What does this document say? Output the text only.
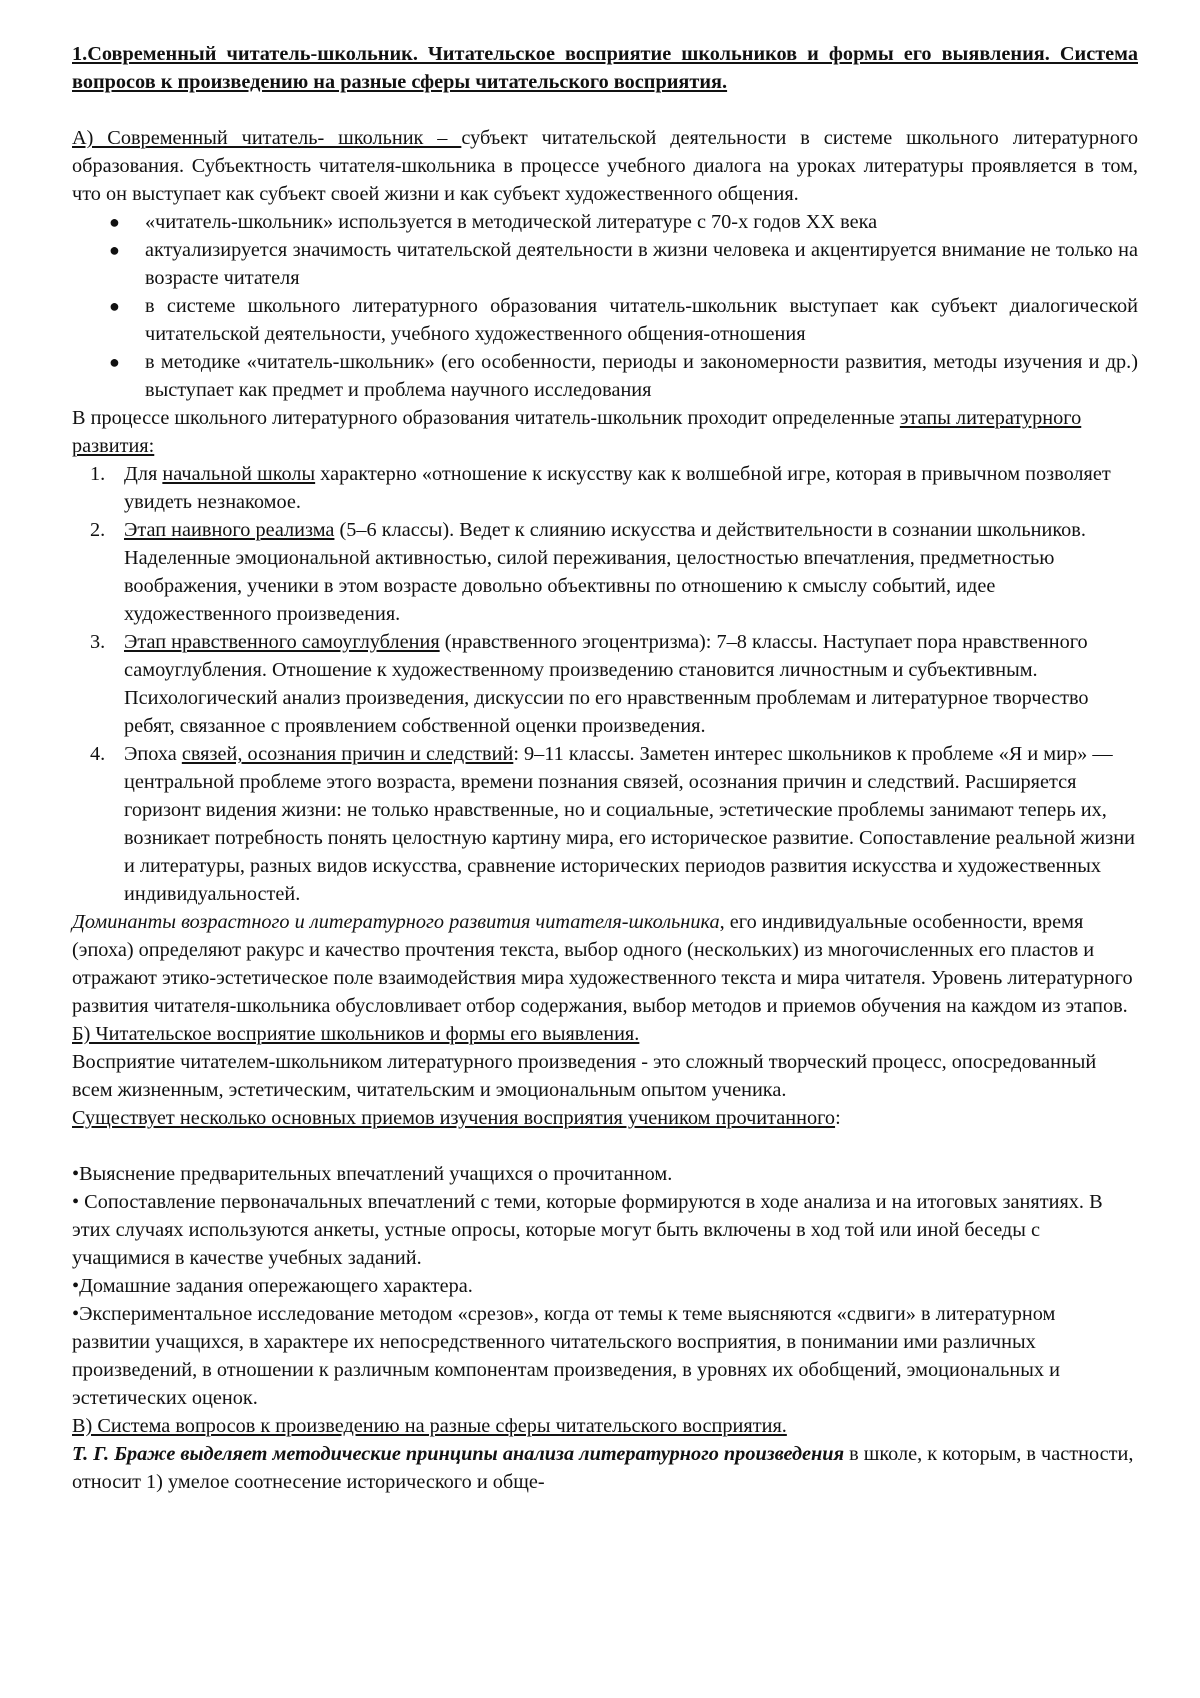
1.Современный читатель-школьник. Читательское восприятие школьников и формы его выявления. Система вопросов к произведению на разные сферы читательского восприятия.

А) Современный читатель- школьник – субъект читательской деятельности в системе школьного литературного образования. Субъектность читателя-школьника в процессе учебного диалога на уроках литературы проявляется в том, что он выступает как субъект своей жизни и как субъект художественного общения.

● «читатель-школьник» используется в методической литературе с 70-х годов ХХ века
● актуализируется значимость читательской деятельности в жизни человека и акцентируется внимание не только на возрасте читателя
● в системе школьного литературного образования читатель-школьник выступает как субъект диалогической читательской деятельности, учебного художественного общения-отношения
● в методике «читатель-школьник» (его особенности, периоды и закономерности развития, методы изучения и др.) выступает как предмет и проблема научного исследования

В процессе школьного литературного образования читатель-школьник проходит определенные этапы литературного развития:

1. Для начальной школы характерно «отношение к искусству как к волшебной игре, которая в привычном позволяет увидеть незнакомое.
2. Этап наивного реализма (5–6 классы). Ведет к слиянию искусства и действительности в сознании школьников. Наделенные эмоциональной активностью, силой переживания, целостностью впечатления, предметностью воображения, ученики в этом возрасте довольно объективны по отношению к смыслу событий, идее художественного произведения.
3. Этап нравственного самоуглубления (нравственного эгоцентризма): 7–8 классы. Наступает пора нравственного самоуглубления. Отношение к художественному произведению становится личностным и субъективным. Психологический анализ произведения, дискуссии по его нравственным проблемам и литературное творчество ребят, связанное с проявлением собственной оценки произведения.
4. Эпоха связей, осознания причин и следствий: 9–11 классы. Заметен интерес школьников к проблеме «Я и мир» — центральной проблеме этого возраста, времени познания связей, осознания причин и следствий. Расширяется горизонт видения жизни: не только нравственные, но и социальные, эстетические проблемы занимают теперь их, возникает потребность понять целостную картину мира, его историческое развитие. Сопоставление реальной жизни и литературы, разных видов искусства, сравнение исторических периодов развития искусства и художественных индивидуальностей.

Доминанты возрастного и литературного развития читателя-школьника, его индивидуальные особенности, время (эпоха) определяют ракурс и качество прочтения текста, выбор одного (нескольких) из многочисленных его пластов и отражают этико-эстетическое поле взаимодействия мира художественного текста и мира читателя. Уровень литературного развития читателя-школьника обусловливает отбор содержания, выбор методов и приемов обучения на каждом из этапов.

Б) Читательское восприятие школьников и формы его выявления.

Восприятие читателем-школьником литературного произведения - это сложный творческий процесс, опосредованный всем жизненным, эстетическим, читательским и эмоциональным опытом ученика.

Существует несколько основных приемов изучения восприятия учеником прочитанного:

•Выяснение предварительных впечатлений учащихся о прочитанном.

• Сопоставление первоначальных впечатлений с теми, которые формируются в ходе анализа и на итоговых занятиях. В этих случаях используются анкеты, устные опросы, которые могут быть включены в ход той или иной беседы с учащимися в качестве учебных заданий.

•Домашние задания опережающего характера.

•Экспериментальное исследование методом «срезов», когда от темы к теме выясняются «сдвиги» в литературном развитии учащихся, в характере их непосредственного читательского восприятия, в понимании ими различных произведений, в отношении к различным компонентам произведения, в уровнях их обобщений, эмоциональных и эстетических оценок.

В) Система вопросов к произведению на разные сферы читательского восприятия.

Т. Г. Браже выделяет методические принципы анализа литературного произведения в школе, к которым, в частности, относит 1) умелое соотнесение исторического и обще-
